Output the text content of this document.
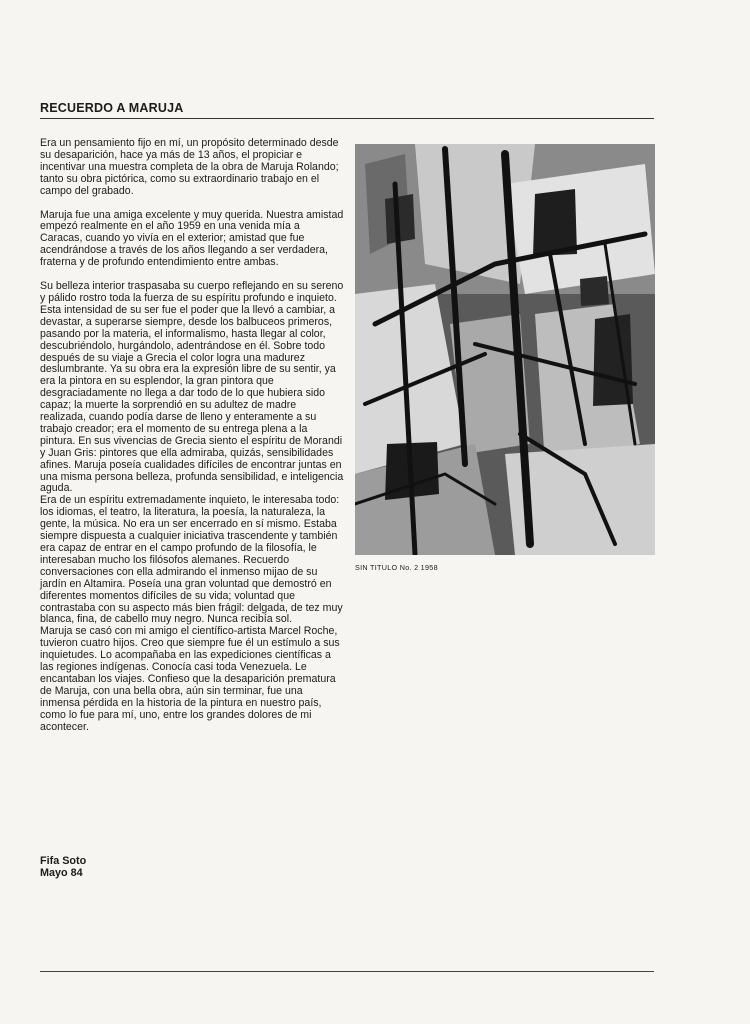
RECUERDO A MARUJA

Era un pensamiento fijo en mí, un propósito determinado desde su desaparición, hace ya más de 13 años, el propiciar e incentivar una muestra completa de la obra de Maruja Rolando; tanto su obra pictórica, como su extraordinario trabajo en el campo del grabado.

Maruja fue una amiga excelente y muy querida. Nuestra amistad empezó realmente en el año 1959 en una venida mía a Caracas, cuando yo vivía en el exterior; amistad que fue acendrándose a través de los años llegando a ser verdadera, fraterna y de profundo entendimiento entre ambas.

Su belleza interior traspasaba su cuerpo reflejando en su sereno y pálido rostro toda la fuerza de su espíritu profundo e inquieto. Esta intensidad de su ser fue el poder que la llevó a cambiar, a devastar, a superarse siempre, desde los balbuceos primeros, pasando por la materia, el informalismo, hasta llegar al color, descubriéndolo, hurgándolo, adentrándose en él. Sobre todo después de su viaje a Grecia el color logra una madurez deslumbrante. Ya su obra era la expresión libre de su sentir, ya era la pintora en su esplendor, la gran pintora que desgraciadamente no llega a dar todo de lo que hubiera sido capaz; la muerte la sorprendió en su adultez de madre realizada, cuando podía darse de lleno y enteramente a su trabajo creador; era el momento de su entrega plena a la pintura. En sus vivencias de Grecia siento el espíritu de Morandi y Juan Gris: pintores que ella admiraba, quizás, sensibilidades afines. Maruja poseía cualidades difíciles de encontrar juntas en una misma persona belleza, profunda sensibilidad, e inteligencia aguda.

Era de un espíritu extremadamente inquieto, le interesaba todo: los idiomas, el teatro, la literatura, la poesía, la naturaleza, la gente, la música. No era un ser encerrado en sí mismo. Estaba siempre dispuesta a cualquier iniciativa trascendente y también era capaz de entrar en el campo profundo de la filosofía, le interesaban mucho los filósofos alemanes. Recuerdo conversaciones con ella admirando el inmenso mijao de su jardín en Altamira. Poseía una gran voluntad que demostró en diferentes momentos difíciles de su vida; voluntad que contrastaba con su aspecto más bien frágil: delgada, de tez muy blanca, fina, de cabello muy negro. Nunca recibía sol.

Maruja se casó con mi amigo el científico-artista Marcel Roche, tuvieron cuatro hijos. Creo que siempre fue él un estímulo a sus inquietudes. Lo acompañaba en las expediciones científicas a las regiones indígenas. Conocía casi toda Venezuela. Le encantaban los viajes. Confieso que la desaparición prematura de Maruja, con una bella obra, aún sin terminar, fue una inmensa pérdida en la historia de la pintura en nuestro país, como lo fue para mí, uno, entre los grandes dolores de mi acontecer.

Fifa Soto
Mayo 84
SIN TITULO No. 2 1958
